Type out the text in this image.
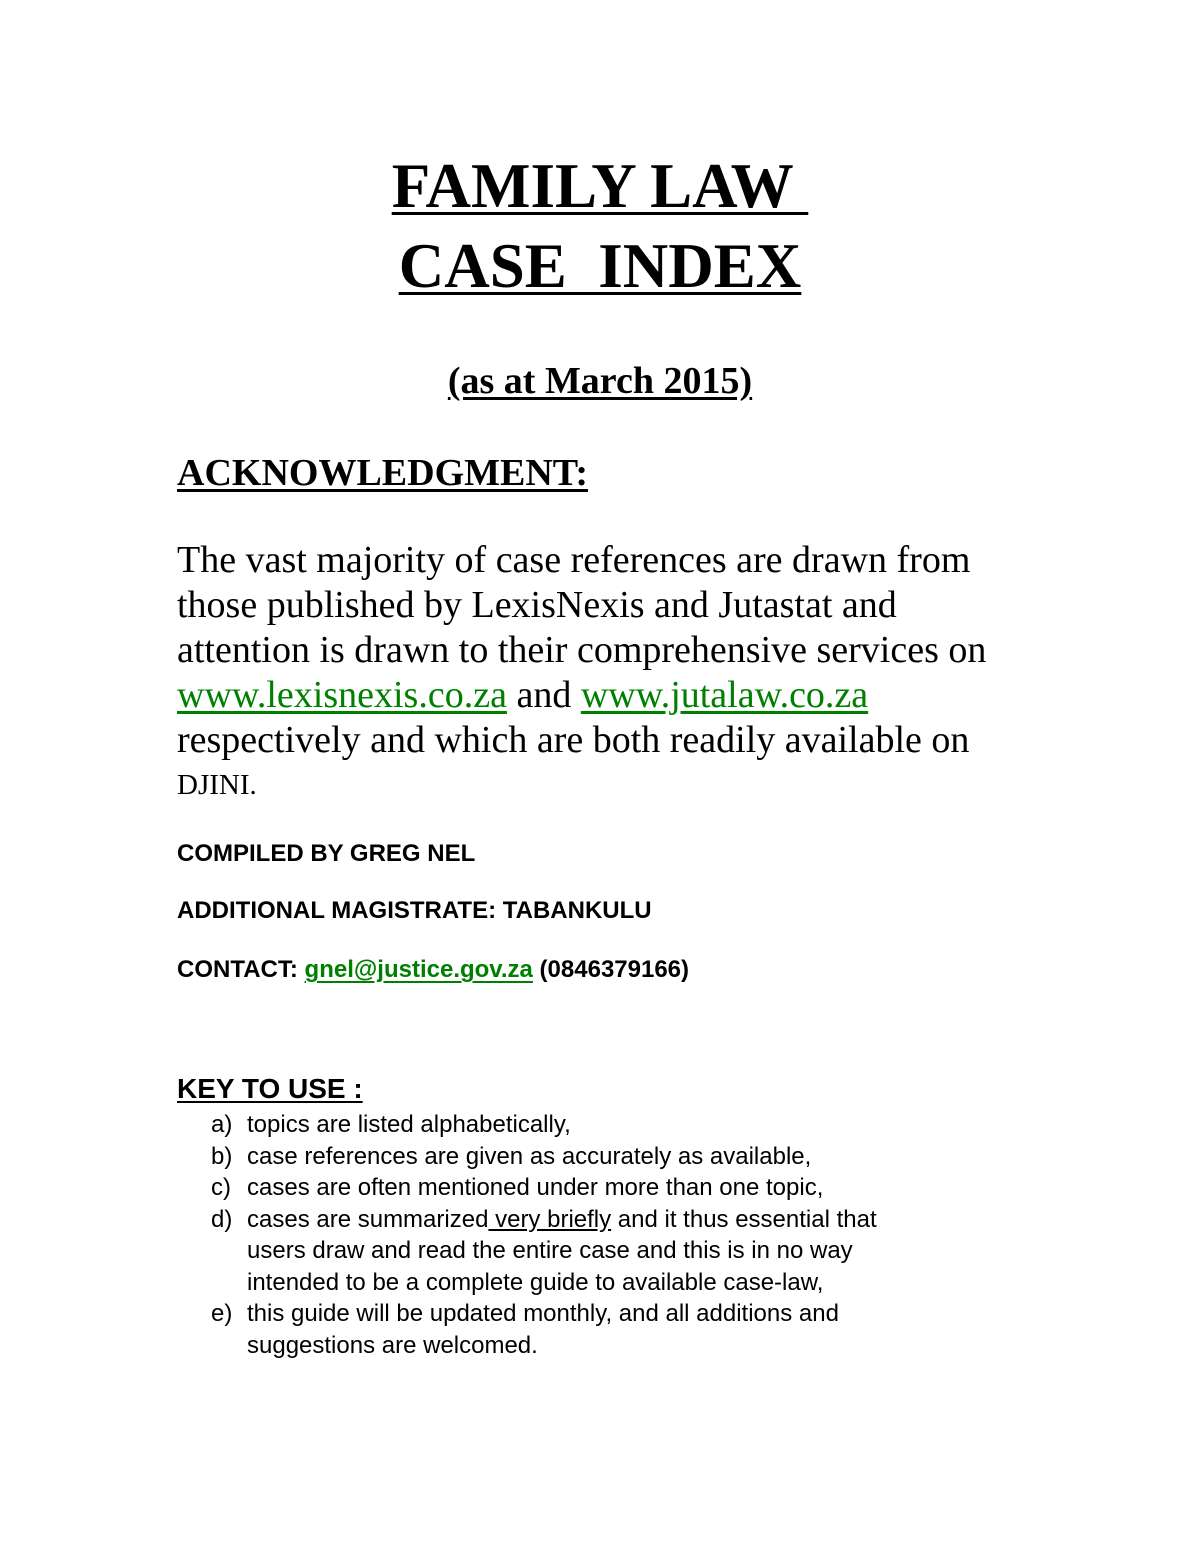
FAMILY LAW
CASE  INDEX
(as at March 2015)
ACKNOWLEDGMENT:
The vast majority of case references are drawn from
those published by LexisNexis and Jutastat and
attention is drawn to their comprehensive services on
www.lexisnexis.co.za and www.jutalaw.co.za
respectively and which are both readily available on
DJINI.
COMPILED BY GREG NEL
ADDITIONAL MAGISTRATE: TABANKULU
CONTACT: gnel@justice.gov.za (0846379166)
KEY TO USE :
a) topics are listed alphabetically,
b) case references are given as accurately as available,
c) cases are often mentioned under more than one topic,
d) cases are summarized very briefly and it thus essential that
users draw and read the entire case and this is in no way
intended to be a complete guide to available case-law,
e) this guide will be updated monthly, and all additions and
suggestions are welcomed.
